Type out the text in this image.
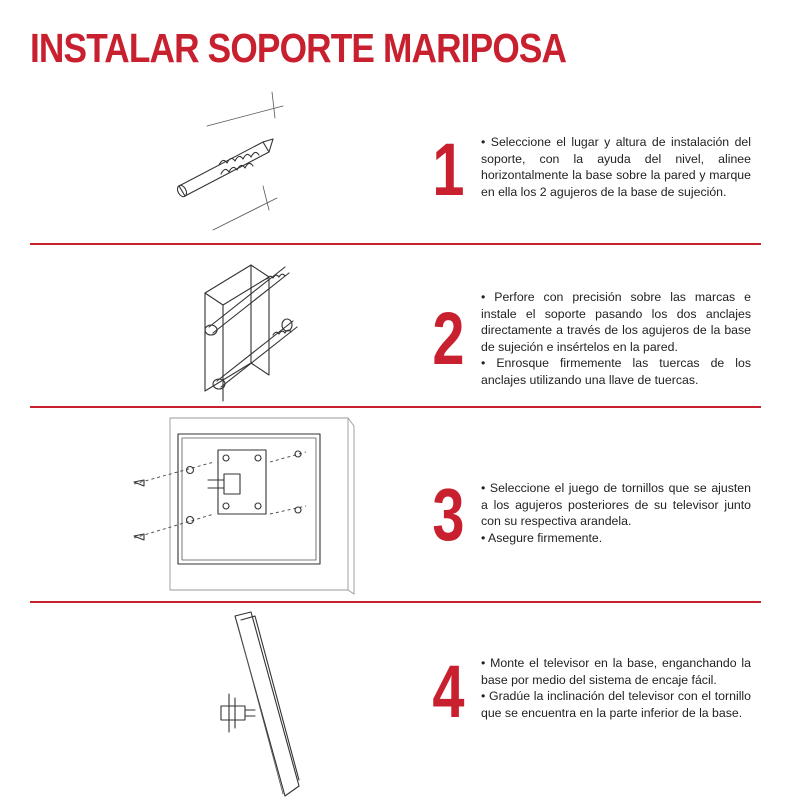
INSTALAR SOPORTE MARIPOSA
1 • Seleccione el lugar y altura de instalación del soporte, con la ayuda del nivel, alinee horizontalmente la base sobre la pared y marque en ella los 2 agujeros de la base de sujeción.

2 • Perfore con precisión sobre las marcas e instale el soporte pasando los dos anclajes directamente a través de los agujeros de la base de sujeción e insértelos en la pared.

• Enrosque firmemente las tuercas de los anclajes utilizando una llave de tuercas.

3 • Seleccione el juego de tornillos que se ajusten a los agujeros posteriores de su televisor junto con su respectiva arandela.

• Asegure firmemente.

4 • Monte el televisor en la base, enganchando la base por medio del sistema de encaje fácil.

• Gradúe la inclinación del televisor con el tornillo que se encuentra en la parte inferior de la base.
